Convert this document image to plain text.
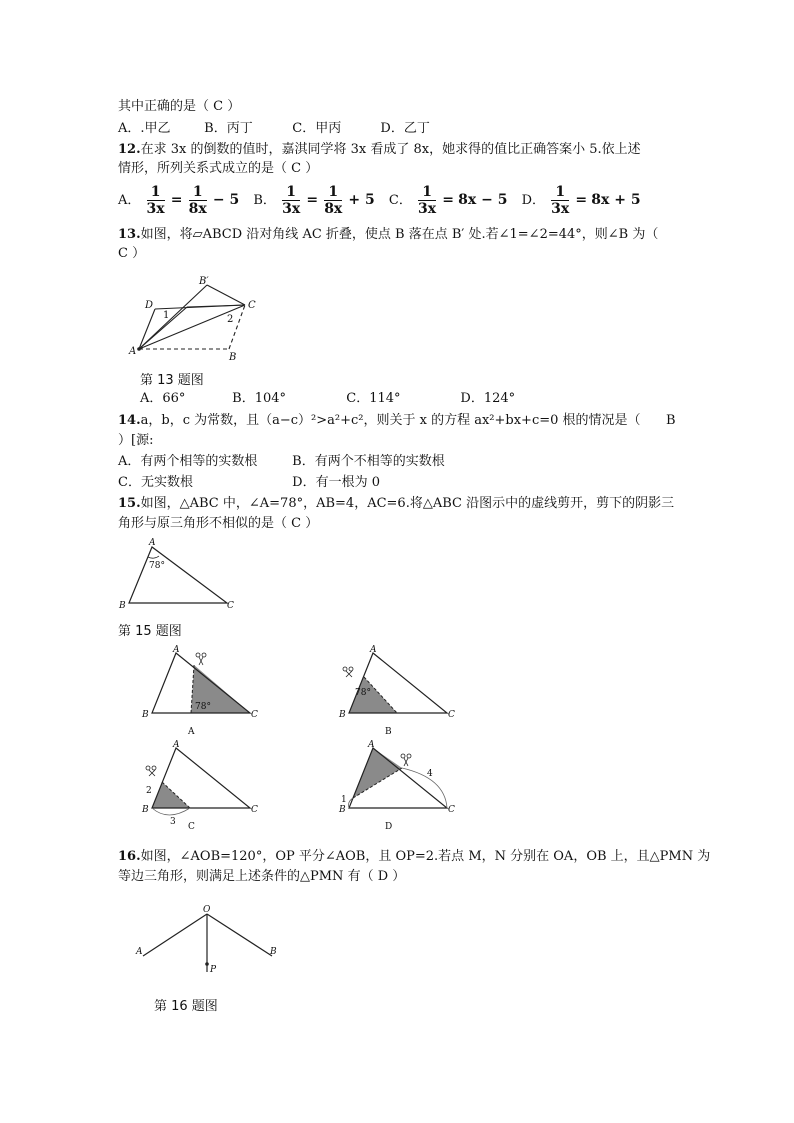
其中正确的是（ C ）
A．.甲乙	B．丙丁	C．甲丙	D．乙丁
12.在求 3x 的倒数的值时，嘉淇同学将 3x 看成了 8x，她求得的值比正确答案小 5.依上述
情形，所列关系式成立的是（ C ）
A． $\frac{1}{3x} = \frac{1}{8x} - 5$ B． $\frac{1}{3x} = \frac{1}{8x} + 5$ C． $\frac{1}{3x} = 8x - 5$ D． $\frac{1}{3x} = 8x + 5$
13.如图，将▱ABCD 沿对角线 AC 折叠，使点 B 落在点 B′ 处.若∠1=∠2=44°，则∠B 为（
C ）
D
B′
C
A
B
1	2
第 13 题图
A．66°	B．104°	C．114°	D．124°
14.a，b，c 为常数，且（a−c）²>a²+c²，则关于 x 的方程 ax²+bx+c=0 根的情况是（ B
）[源:
A．有两个相等的实数根	B．有两个不相等的实数根
C．无实数根	D．有一根为 0
15.如图，△ABC 中，∠A=78°，AB=4，AC=6.将△ABC 沿图示中的虚线剪开，剪下的阴影三
角形与原三角形不相似的是（ C ）
A
B	C
78°
第 15 题图
A
B	C
78°
A
A
B	C
78°
B
A
B	C
2
3 C
A
B	C
1
4
D
16.如图，∠AOB=120°，OP 平分∠AOB，且 OP=2.若点 M，N 分别在 OA，OB 上，且△PMN 为
等边三角形，则满足上述条件的△PMN 有（ D ）
O
A	B
P
第 16 题图
